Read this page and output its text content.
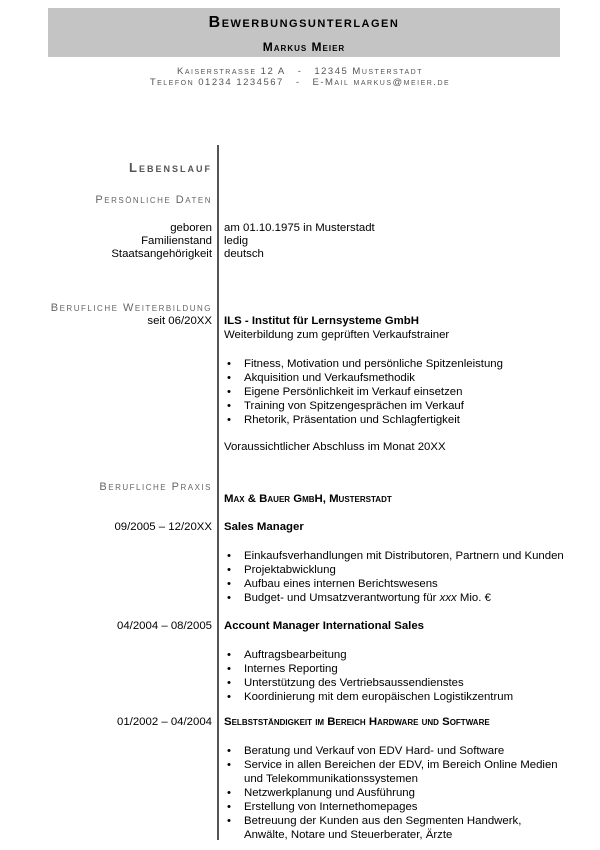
Bewerbungsunterlagen
Markus Meier
Kaiserstrasse 12 A - 12345 Musterstadt
Telefon 01234 1234567 - E-Mail markus@meier.de
Lebenslauf
Persönliche Daten
geboren am 01.10.1975 in Musterstadt
Familienstand ledig
Staatsangehörigkeit deutsch
Berufliche Weiterbildung
seit 06/20XX ILS - Institut für Lernsysteme GmbH
Weiterbildung zum geprüften Verkaufstrainer
• Fitness, Motivation und persönliche Spitzenleistung
• Akquisition und Verkaufsmethodik
• Eigene Persönlichkeit im Verkauf einsetzen
• Training von Spitzengesprächen im Verkauf
• Rhetorik, Präsentation und Schlagfertigkeit
Voraussichtlicher Abschluss im Monat 20XX
Berufliche Praxis
Max & Bauer GmbH, Musterstadt
09/2005 – 12/20XX Sales Manager
• Einkaufsverhandlungen mit Distributoren, Partnern und Kunden
• Projektabwicklung
• Aufbau eines internen Berichtswesens
• Budget- und Umsatzverantwortung für xxx Mio. €
04/2004 – 08/2005 Account Manager International Sales
• Auftragsbearbeitung
• Internes Reporting
• Unterstützung des Vertriebsaussendienstes
• Koordinierung mit dem europäischen Logistikzentrum
01/2002 – 04/2004 Selbstständigkeit im Bereich Hardware und Software
• Beratung und Verkauf von EDV Hard- und Software
• Service in allen Bereichen der EDV, im Bereich Online Medien
und Telekommunikationssystemen
• Netzwerkplanung und Ausführung
• Erstellung von Internethomepages
• Betreuung der Kunden aus den Segmenten Handwerk,
Anwälte, Notare und Steuerberater, Ärzte
